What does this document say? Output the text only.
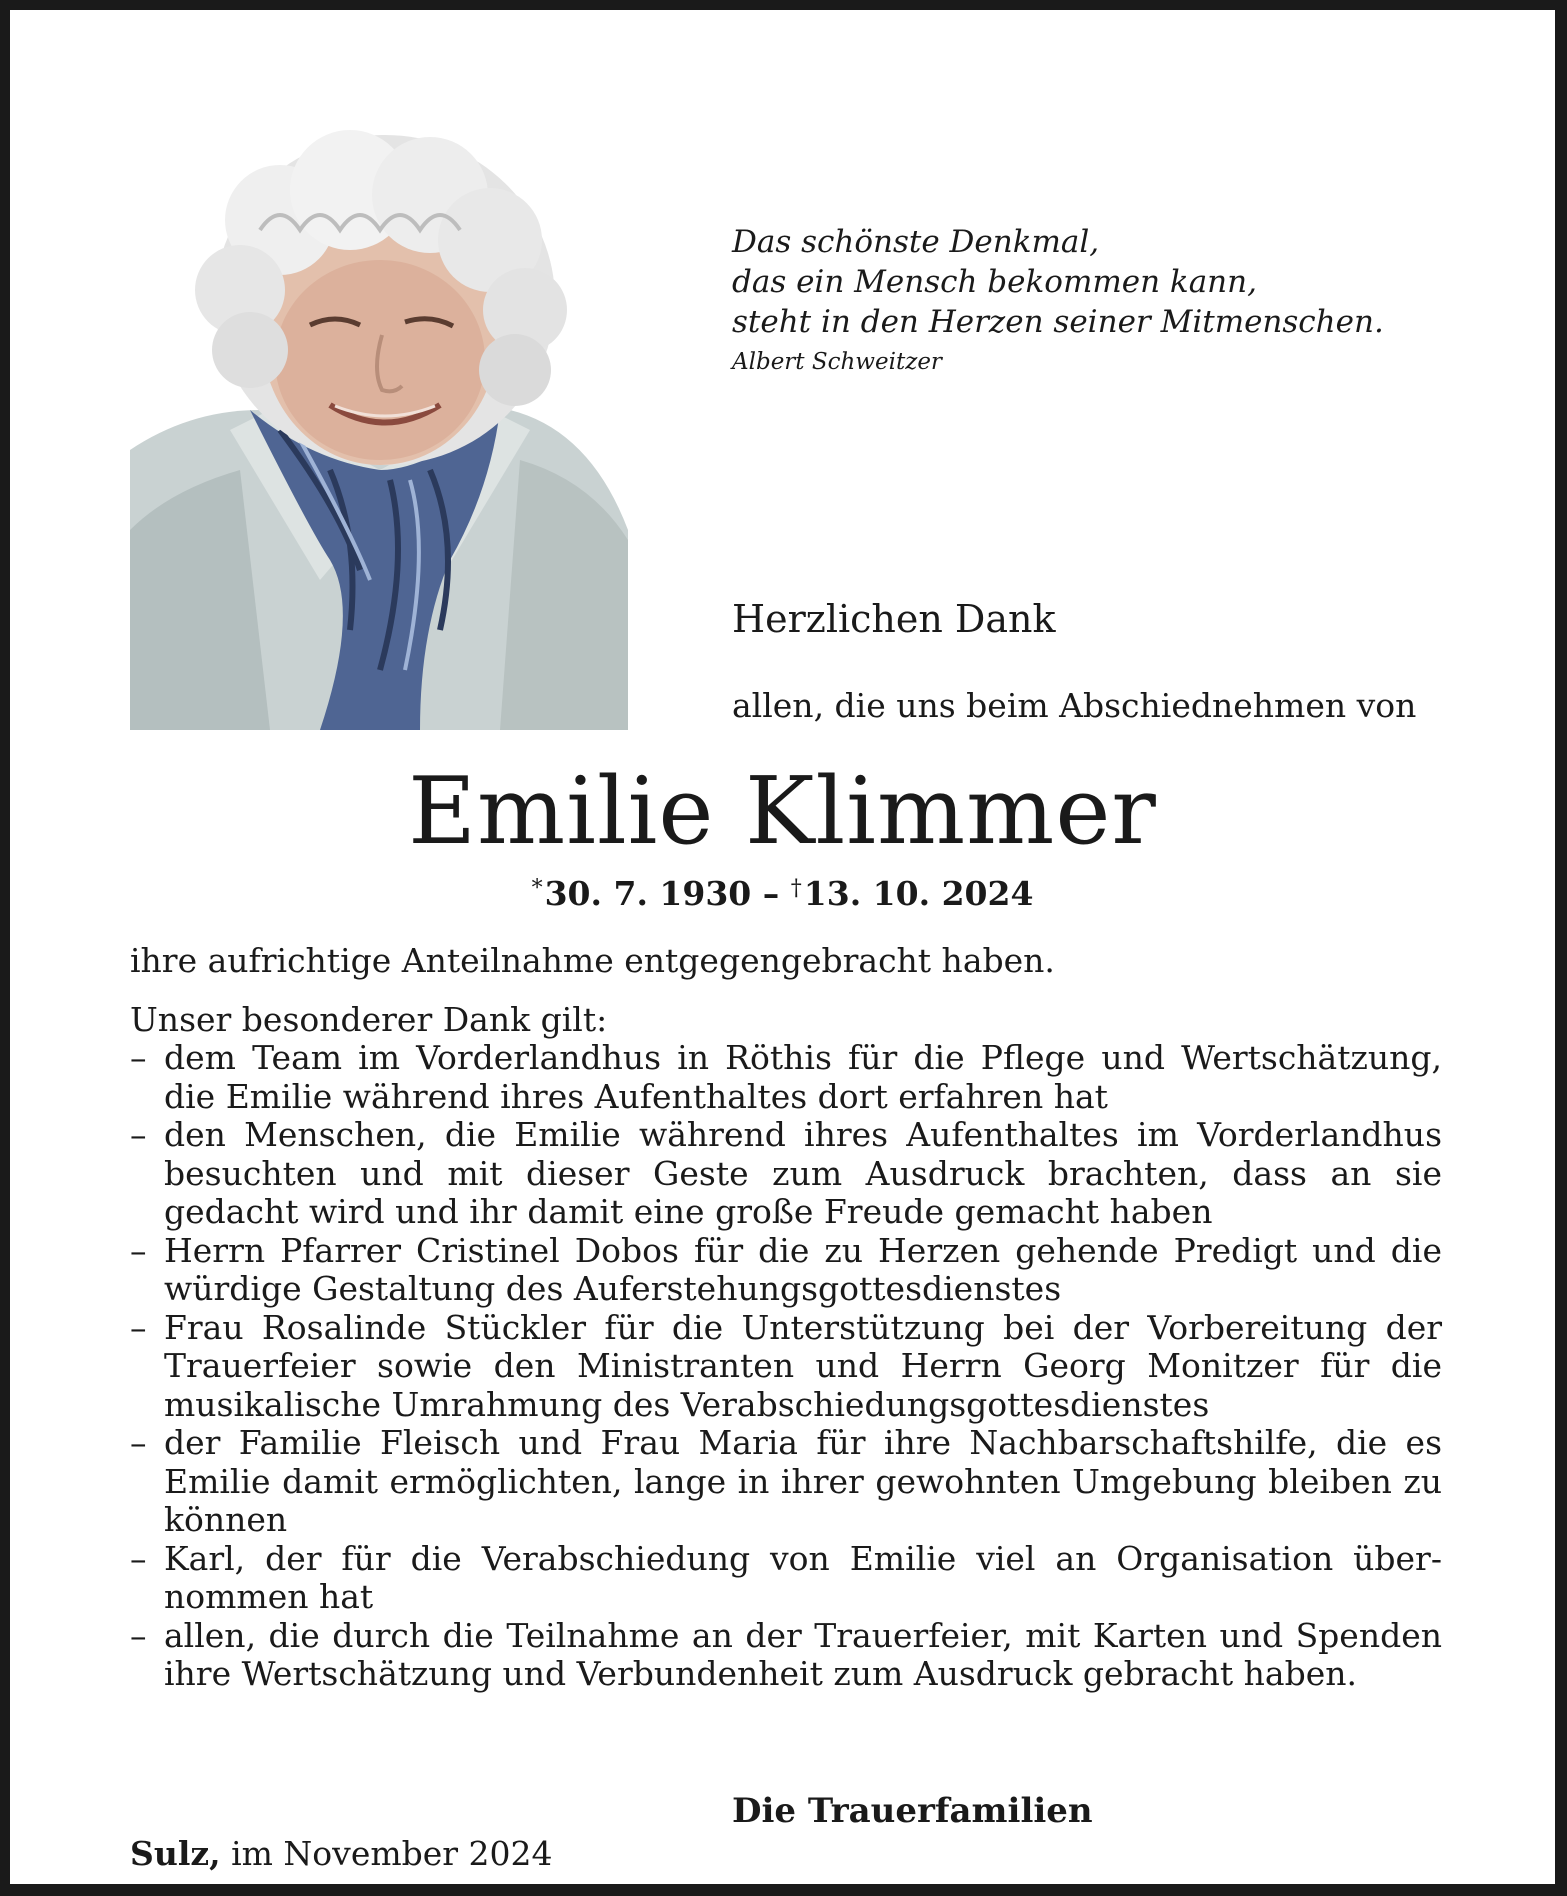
Das schönste Denkmal,
das ein Mensch bekommen kann,
steht in den Herzen seiner Mitmenschen.
Albert Schweitzer
Herzlichen Dank
allen, die uns beim Abschiednehmen von
Emilie Klimmer
*30. 7. 1930 – †13. 10. 2024

ihre aufrichtige Anteilnahme entgegengebracht haben.

Unser besonderer Dank gilt:

– dem Team im Vorderlandhus in Röthis für die Pflege und Wertschätzung, die Emilie während ihres Aufenthaltes dort erfahren hat
– den Menschen, die Emilie während ihres Aufenthaltes im Vorderlandhus besuchten und mit dieser Geste zum Ausdruck brachten, dass an sie gedacht wird und ihr damit eine große Freude gemacht haben
– Herrn Pfarrer Cristinel Dobos für die zu Herzen gehende Predigt und die würdige Gestaltung des Auferstehungsgottesdienstes
– Frau Rosalinde Stückler für die Unterstützung bei der Vorbereitung der Trauerfeier sowie den Ministranten und Herrn Georg Monitzer für die musikalische Umrahmung des Verabschiedungsgottesdienstes
– der Familie Fleisch und Frau Maria für ihre Nachbarschaftshilfe, die es Emilie damit ermöglichten, lange in ihrer gewohnten Umgebung bleiben zu können
– Karl, der für die Verabschiedung von Emilie viel an Organisation übernommen hat
– allen, die durch die Teilnahme an der Trauerfeier, mit Karten und Spenden ihre Wertschätzung und Verbundenheit zum Ausdruck gebracht haben.
Die Trauerfamilien
Sulz, im November 2024
